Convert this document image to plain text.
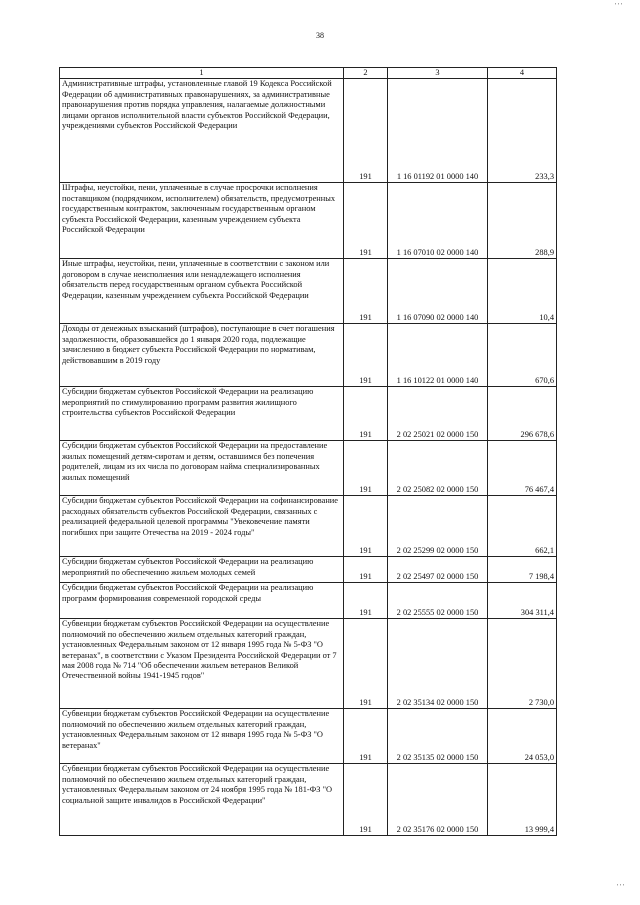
' ' '
38
1	2	3	4
Административные штрафы, установленные главой 19 Кодекса Российской Федерации об административных правонарушениях, за административные правонарушения против порядка управления, налагаемые должностными лицами органов исполнительной власти субъектов Российской Федерации, учреждениями субъектов Российской Федерации	191	1 16 01192 01 0000 140	233,3
Штрафы, неустойки, пени, уплаченные в случае просрочки исполнения поставщиком (подрядчиком, исполнителем) обязательств, предусмотренных государственным контрактом, заключенным государственным органом субъекта Российской Федерации, казенным учреждением субъекта Российской Федерации	191	1 16 07010 02 0000 140	288,9
Иные штрафы, неустойки, пени, уплаченные в соответствии с законом или договором в случае неисполнения или ненадлежащего исполнения обязательств перед государственным органом субъекта Российской Федерации, казенным учреждением субъекта Российской Федерации	191	1 16 07090 02 0000 140	10,4
Доходы от денежных взысканий (штрафов), поступающие в счет погашения задолженности, образовавшейся до 1 января 2020 года, подлежащие зачислению в бюджет субъекта Российской Федерации по нормативам, действовавшим в 2019 году	191	1 16 10122 01 0000 140	670,6
Субсидии бюджетам субъектов Российской Федерации на реализацию мероприятий по стимулированию программ развития жилищного строительства субъектов Российской Федерации	191	2 02 25021 02 0000 150	296 678,6
Субсидии бюджетам субъектов Российской Федерации на предоставление жилых помещений детям-сиротам и детям, оставшимся без попечения родителей, лицам из их числа по договорам найма специализированных жилых помещений	191	2 02 25082 02 0000 150	76 467,4
Субсидии бюджетам субъектов Российской Федерации на софинансирование расходных обязательств субъектов Российской Федерации, связанных с реализацией федеральной целевой программы "Увековечение памяти погибших при защите Отечества на 2019 - 2024 годы"	191	2 02 25299 02 0000 150	662,1
Субсидии бюджетам субъектов Российской Федерации на реализацию мероприятий по обеспечению жильем молодых семей	191	2 02 25497 02 0000 150	7 198,4
Субсидии бюджетам субъектов Российской Федерации на реализацию программ формирования современной городской среды	191	2 02 25555 02 0000 150	304 311,4
Субвенции бюджетам субъектов Российской Федерации на осуществление полномочий по обеспечению жильем отдельных категорий граждан, установленных Федеральным законом от 12 января 1995 года № 5-ФЗ "О ветеранах", в соответствии с Указом Президента Российской Федерации от 7 мая 2008 года № 714 "Об обеспечении жильем ветеранов Великой Отечественной войны 1941-1945 годов"	191	2 02 35134 02 0000 150	2 730,0
Субвенции бюджетам субъектов Российской Федерации на осуществление полномочий по обеспечению жильем отдельных категорий граждан, установленных Федеральным законом от 12 января 1995 года № 5-ФЗ "О ветеранах"	191	2 02 35135 02 0000 150	24 053,0
Субвенции бюджетам субъектов Российской Федерации на осуществление полномочий по обеспечению жильем отдельных категорий граждан, установленных Федеральным законом от 24 ноября 1995 года № 181-ФЗ "О социальной защите инвалидов в Российской Федерации"	191	2 02 35176 02 0000 150	13 999,4
' ' '
